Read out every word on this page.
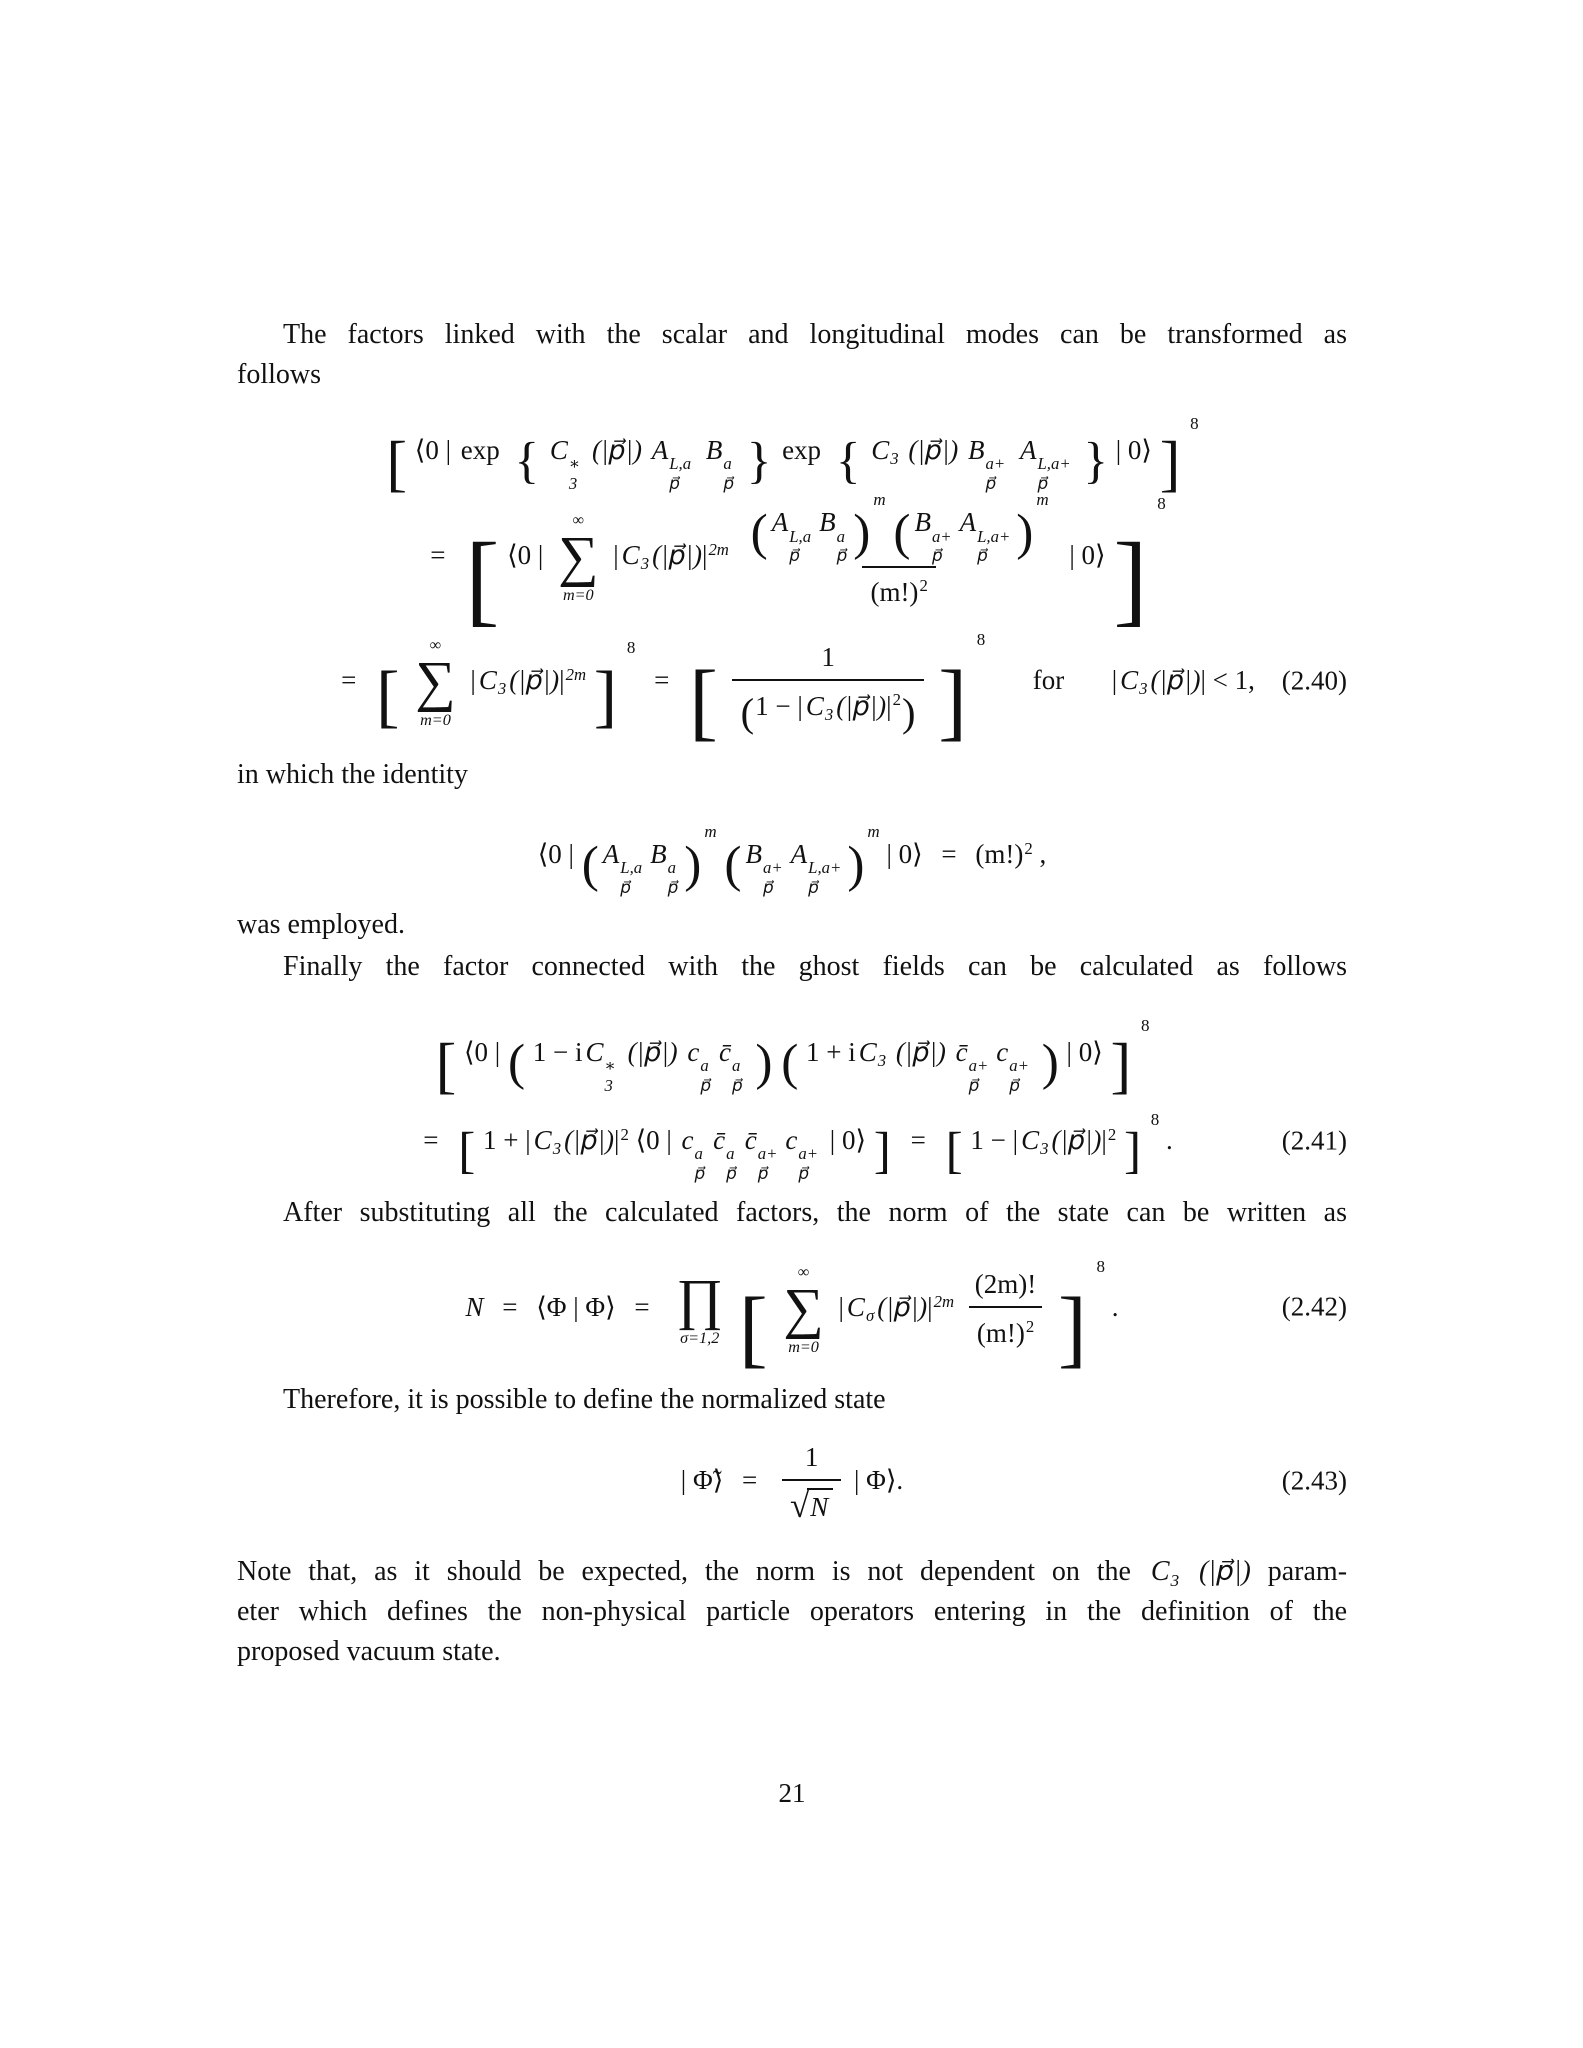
The factors linked with the scalar and longitudinal modes can be transformed as
follows
[ ⟨0 | exp { C ∗
3
(|p⃗|) A L,a
p⃗
B a
p⃗ } exp { C3 (|p⃗|) B a+
p⃗
A L,a+
p⃗ } | 0⟩ ] $^8$
= [ ⟨0 |
∞
∑
m=0
| C3 $(|p⃗|)|^{2m}$ ( A L,a
p⃗
B a
p⃗ )$^m$ ( B a+
p⃗
A L,a+
p⃗ )$^m$
$(m!)^2$ | 0⟩ ] $^8$
= [
∞
∑
m=0
| C3 $(|p⃗|)|^{2m}$ ] $^8$ = [ $\frac{1}{(1 - | C3 (|p⃗|)|^2)}$ ] $^8$  for | C3 (|p⃗|)| < 1, (2.40)
in which the identity
⟨0 | ( A L,a
p⃗
B a
p⃗ )$^m$ ( B a+
p⃗
A L,a+
p⃗ )$^m$ | 0⟩ = $(m!)^2$ ,
was employed.
Finally the factor connected with the ghost fields can be calculated as follows
[ ⟨0 | ( 1 − i C ∗
3
(|p⃗|) c a
p⃗
c̄ a
p⃗ ) ( 1 + i C3 (|p⃗|) c̄ a+
p⃗
c a+
p⃗ ) | 0⟩ ] $^8$
= [ 1 + | C3 $(|p⃗|)|^2$ ⟨0 | c a
p⃗
c̄ a
p⃗
c̄ a+
p⃗
c a+
p⃗
| 0⟩ ] = [ 1 − | C3 $(|p⃗|)|^2$ ] $^8$ .	(2.41)
After substituting all the calculated factors, the norm of the state can be written as
N = ⟨Φ | Φ⟩ = ∏
σ=1,2 [
∞
∑
m=0
| Cσ $(|p⃗|)|^{2m} \frac{(2m)!}{(m!)^2}$ ] $^8$ .	(2.42)
Therefore, it is possible to define the normalized state
| Φ̃⟩ = $\frac{1}{√ N}$ | Φ⟩.	(2.43)
Note that, as it should be expected, the norm is not dependent on the C3 (|p⃗|) param-
eter which defines the non-physical particle operators entering in the definition of the
proposed vacuum state.
21
